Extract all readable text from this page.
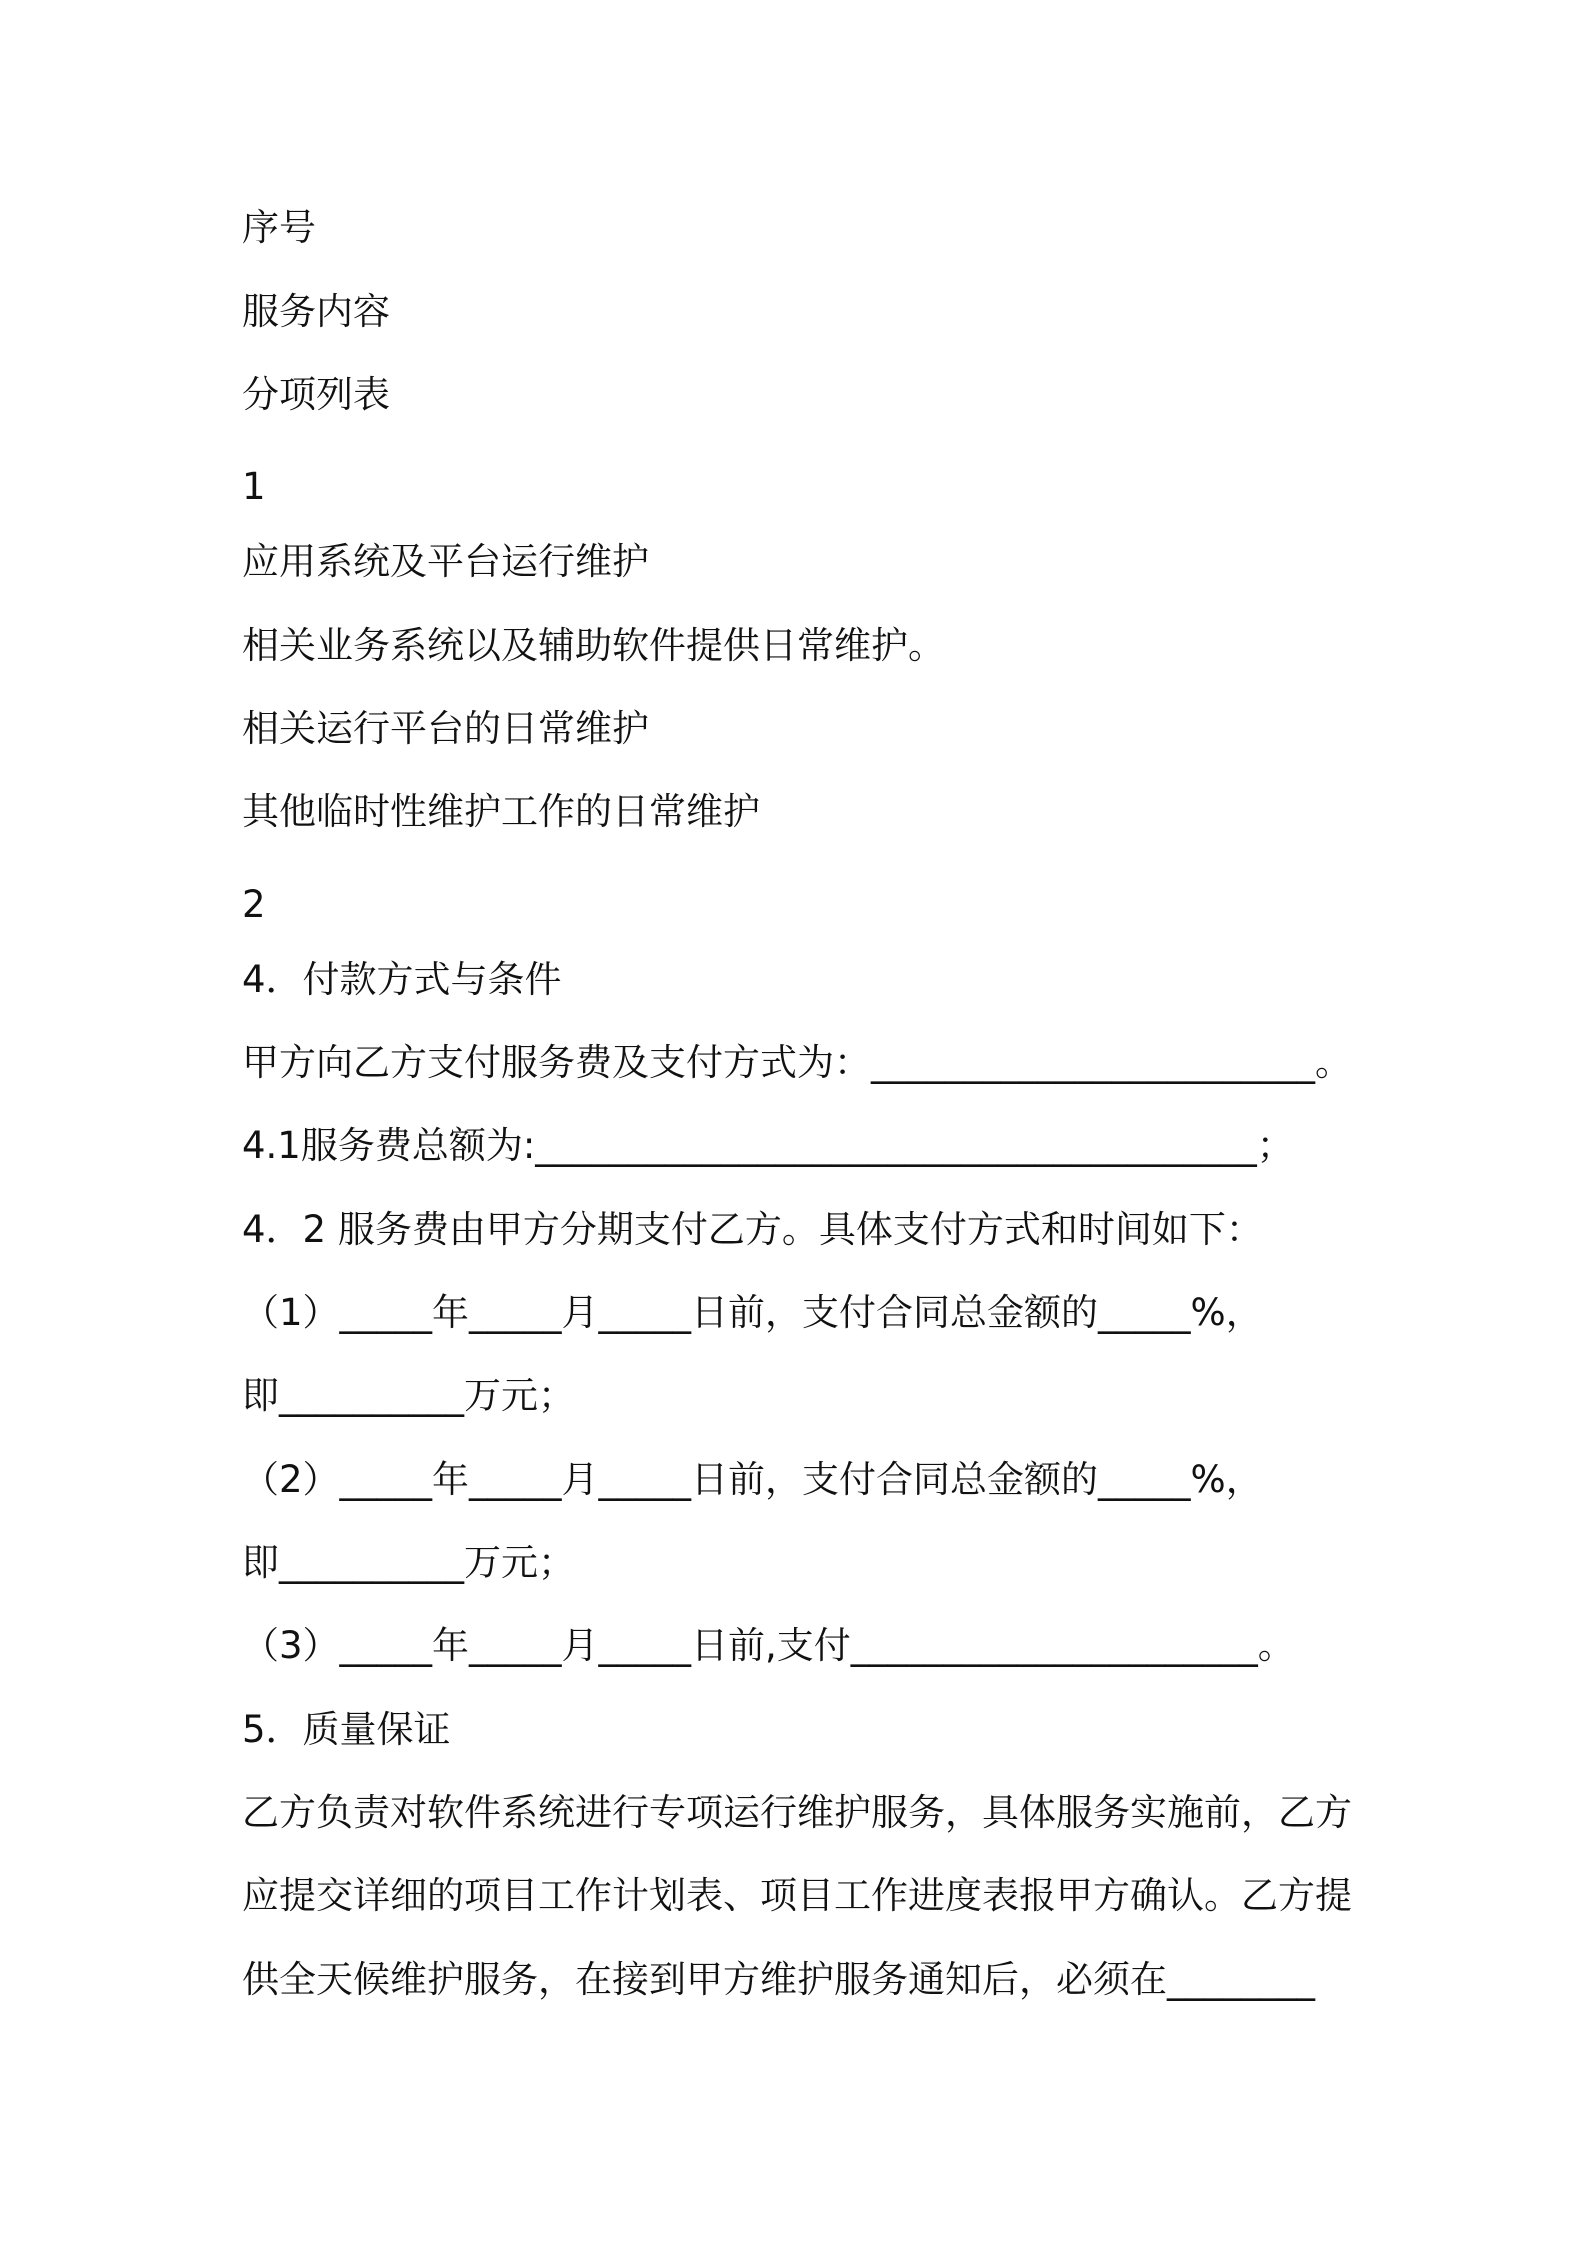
序号
服务内容
分项列表
1
应用系统及平台运行维护
相关业务系统以及辅助软件提供日常维护。
相关运行平台的日常维护
其他临时性维护工作的日常维护
2
4．付款方式与条件
甲方向乙方支付服务费及支付方式为：________________________。
4.1服务费总额为:_______________________________________；
4．2 服务费由甲方分期支付乙方。具体支付方式和时间如下：
（1）_____年_____月_____日前，支付合同总金额的_____%，
即__________万元；
（2）_____年_____月_____日前，支付合同总金额的_____%，
即__________万元；
（3）_____年_____月_____日前,支付______________________。
5．质量保证
乙方负责对软件系统进行专项运行维护服务，具体服务实施前，乙方
应提交详细的项目工作计划表、项目工作进度表报甲方确认。乙方提
供全天候维护服务，在接到甲方维护服务通知后，必须在________
